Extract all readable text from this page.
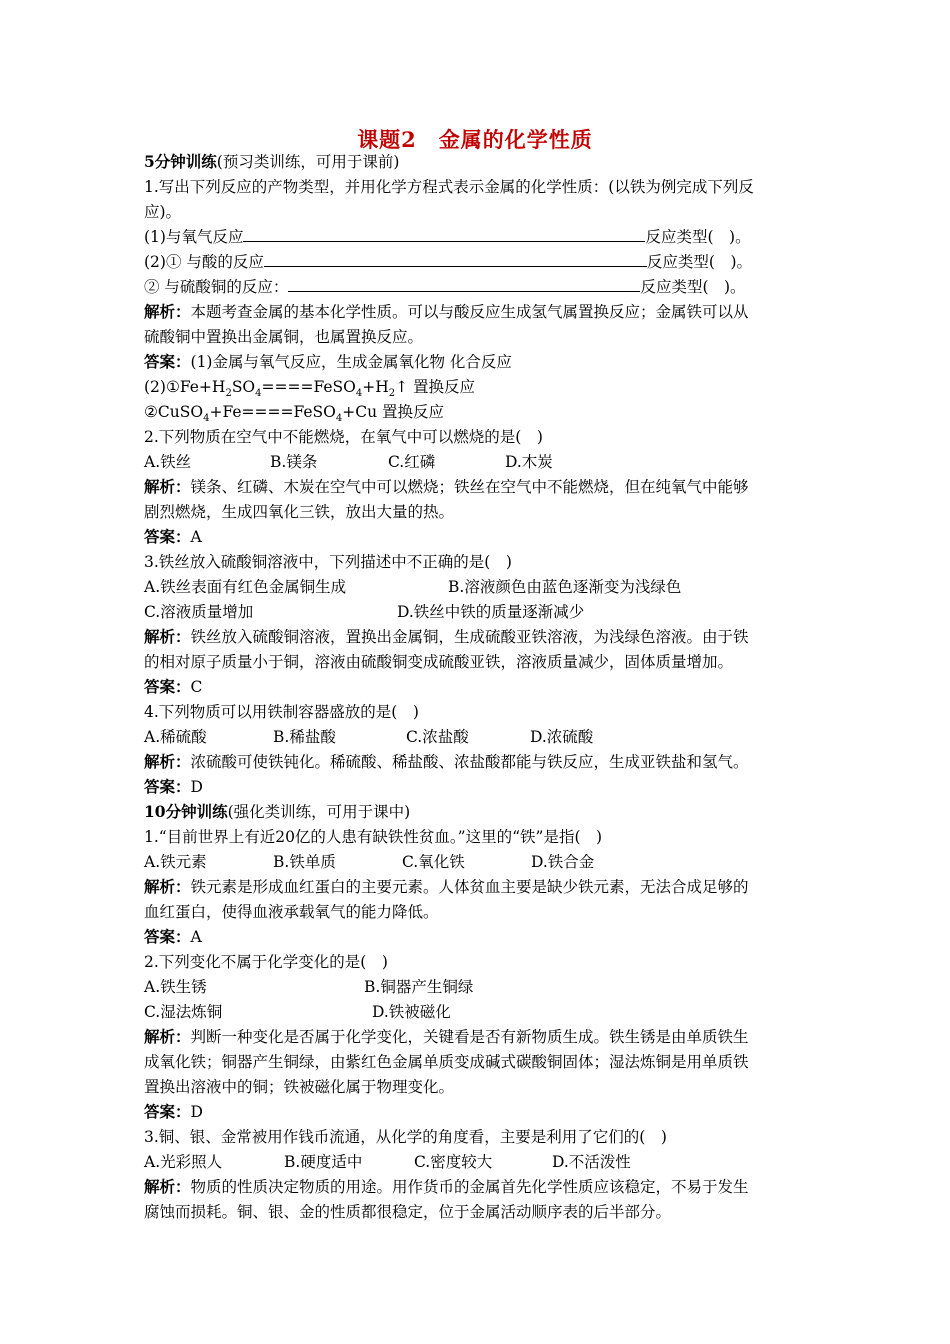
课题2　金属的化学性质
5分钟训练(预习类训练，可用于课前)
1.写出下列反应的产物类型，并用化学方程式表示金属的化学性质：(以铁为例完成下列反
应)。
(1)与氧气反应	反应类型(　)。
(2)① 与酸的反应	反应类型(　)。
② 与硫酸铜的反应：	反应类型(　)。
解析：本题考查金属的基本化学性质。可以与酸反应生成氢气属置换反应；金属铁可以从
硫酸铜中置换出金属铜，也属置换反应。
答案：(1)金属与氧气反应，生成金属氧化物 化合反应
$(2)①Fe+H_2SO_4====FeSO_4+H_2↑$ 置换反应
②CuSO$_4$+Fe====FeSO$_4$+Cu 置换反应
2.下列物质在空气中不能燃烧，在氧气中可以燃烧的是(　)
A.铁丝	B.镁条	C.红磷	D.木炭
解析：镁条、红磷、木炭在空气中可以燃烧；铁丝在空气中不能燃烧，但在纯氧气中能够
剧烈燃烧，生成四氧化三铁，放出大量的热。
答案：A
3.铁丝放入硫酸铜溶液中，下列描述中不正确的是(　)
A.铁丝表面有红色金属铜生成	B.溶液颜色由蓝色逐渐变为浅绿色
C.溶液质量增加	D.铁丝中铁的质量逐渐减少
解析：铁丝放入硫酸铜溶液，置换出金属铜，生成硫酸亚铁溶液，为浅绿色溶液。由于铁
的相对原子质量小于铜，溶液由硫酸铜变成硫酸亚铁，溶液质量减少，固体质量增加。
答案：C
4.下列物质可以用铁制容器盛放的是(　)
A.稀硫酸	B.稀盐酸	C.浓盐酸	D.浓硫酸
解析：浓硫酸可使铁钝化。稀硫酸、稀盐酸、浓盐酸都能与铁反应，生成亚铁盐和氢气。
答案：D
10分钟训练(强化类训练，可用于课中)
1.“目前世界上有近20亿的人患有缺铁性贫血。”这里的“铁”是指(　)
A.铁元素	B.铁单质	C.氧化铁	D.铁合金
解析：铁元素是形成血红蛋白的主要元素。人体贫血主要是缺少铁元素，无法合成足够的
血红蛋白，使得血液承载氧气的能力降低。
答案：A
2.下列变化不属于化学变化的是(　)
A.铁生锈	B.铜器产生铜绿
C.湿法炼铜	D.铁被磁化
解析：判断一种变化是否属于化学变化，关键看是否有新物质生成。铁生锈是由单质铁生
成氧化铁；铜器产生铜绿，由紫红色金属单质变成碱式碳酸铜固体；湿法炼铜是用单质铁
置换出溶液中的铜；铁被磁化属于物理变化。
答案：D
3.铜、银、金常被用作钱币流通，从化学的角度看，主要是利用了它们的(　)
A.光彩照人	B.硬度适中	C.密度较大	D.不活泼性
解析：物质的性质决定物质的用途。用作货币的金属首先化学性质应该稳定，不易于发生
腐蚀而损耗。铜、银、金的性质都很稳定，位于金属活动顺序表的后半部分。
